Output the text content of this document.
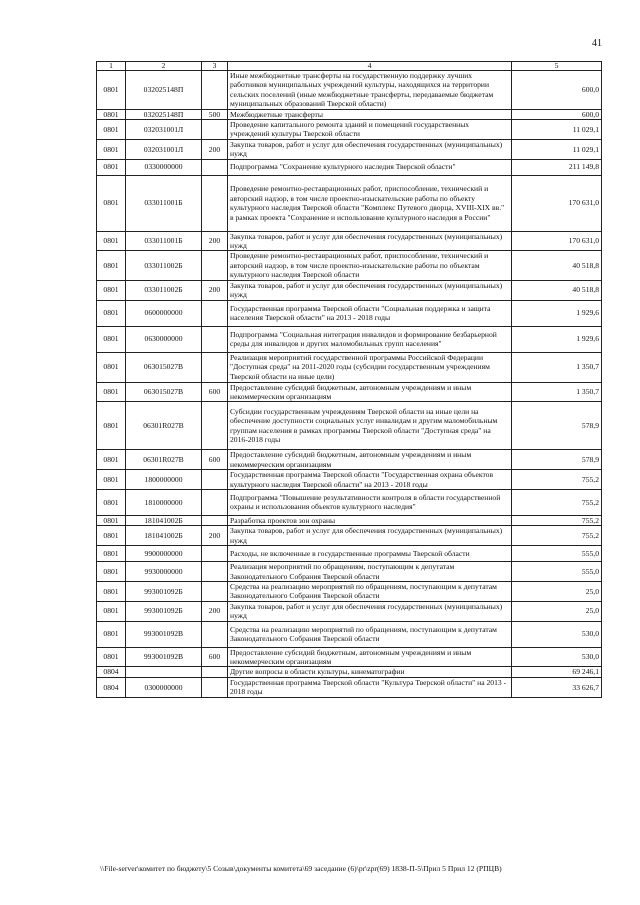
41
1	2	3	4	5
0801	032025148П		Иные межбюджетные трансферты на государственную поддержку лучших работников муниципальных учреждений культуры, находящихся на территории сельских поселений (иные межбюджетные трансферты, передаваемые бюджетам муниципальных образований Тверской области)	600,0
0801	032025148П	500	Межбюджетные трансферты	600,0
0801	032031001Л		Проведение капитального ремонта зданий и помещений государственных учреждений культуры Тверской области	11 029,1
0801	032031001Л	200	Закупка товаров, работ и услуг для обеспечения государственных (муниципальных) нужд	11 029,1
0801	0330000000		Подпрограмма "Сохранение культурного наследия Тверской области"	211 149,8
0801	033011001Б		Проведение ремонтно-реставрационных работ, приспособление, технический и авторский надзор, в том числе проектно-изыскательские работы по объекту культурного наследия Тверской области "Комплекс Путевого дворца, XVIII-XIX вв." в рамках проекта "Сохранение и использование культурного наследия в России"	170 631,0
0801	033011001Б	200	Закупка товаров, работ и услуг для обеспечения государственных (муниципальных) нужд	170 631,0
0801	033011002Б		Проведение ремонтно-реставрационных работ, приспособление, технический и авторский надзор, в том числе проектно-изыскательские работы по объектам культурного наследия Тверской области	40 518,8
0801	033011002Б	200	Закупка товаров, работ и услуг для обеспечения государственных (муниципальных) нужд	40 518,8
0801	0600000000		Государственная программа Тверской области "Социальная поддержка и защита населения Тверской области" на 2013 - 2018 годы	1 929,6
0801	0630000000		Подпрограмма "Социальная интеграция инвалидов и формирование безбарьерной среды для инвалидов и других маломобильных групп населения"	1 929,6
0801	063015027В		Реализация мероприятий государственной программы Российской Федерации "Доступная среда" на 2011-2020 годы (субсидии государственным учреждениям Тверской области на иные цели)	1 350,7
0801	063015027В	600	Предоставление субсидий бюджетным, автономным учреждениям и иным некоммерческим организациям	1 350,7
0801	06301R027В		Субсидии государственным учреждениям Тверской области на иные цели на обеспечение доступности социальных услуг инвалидам и другим маломобильным группам населения в рамках программы Тверской области "Доступная среда" на 2016-2018 годы	578,9
0801	06301R027В	600	Предоставление субсидий бюджетным, автономным учреждениям и иным некоммерческим организациям	578,9
0801	1800000000		Государственная программа Тверской области "Государственная охрана объектов культурного наследия Тверской области" на 2013 - 2018 годы	755,2
0801	1810000000		Подпрограмма "Повышение результативности контроля в области государственной охраны и использования объектов культурного наследия"	755,2
0801	181041002Б		Разработка проектов зон охраны	755,2
0801	181041002Б	200	Закупка товаров, работ и услуг для обеспечения государственных (муниципальных) нужд	755,2
0801	9900000000		Расходы, не включенные в государственные программы Тверской области	555,0
0801	9930000000		Реализация мероприятий по обращениям, поступающим к депутатам Законодательного Собрания Тверской области	555,0
0801	993001092Б		Средства на реализацию мероприятий по обращениям, поступающим к депутатам Законодательного Собрания Тверской области	25,0
0801	993001092Б	200	Закупка товаров, работ и услуг для обеспечения государственных (муниципальных) нужд	25,0
0801	993001092В		Средства на реализацию мероприятий по обращениям, поступающим к депутатам Законодательного Собрания Тверской области	530,0
0801	993001092В	600	Предоставление субсидий бюджетным, автономным учреждениям и иным некоммерческим организациям	530,0
0804			Другие вопросы в области культуры, кинематографии	69 246,1
0804	0300000000		Государственная программа Тверской области "Культура Тверской области" на 2013 - 2018 годы	33 626,7
\\File-server\комитет по бюджету\5 Созыв\документы комитета\69 заседание (6)\pr\zpr(69) 1838-П-5\Прил 5 Прил 12 (РПЦВ)
